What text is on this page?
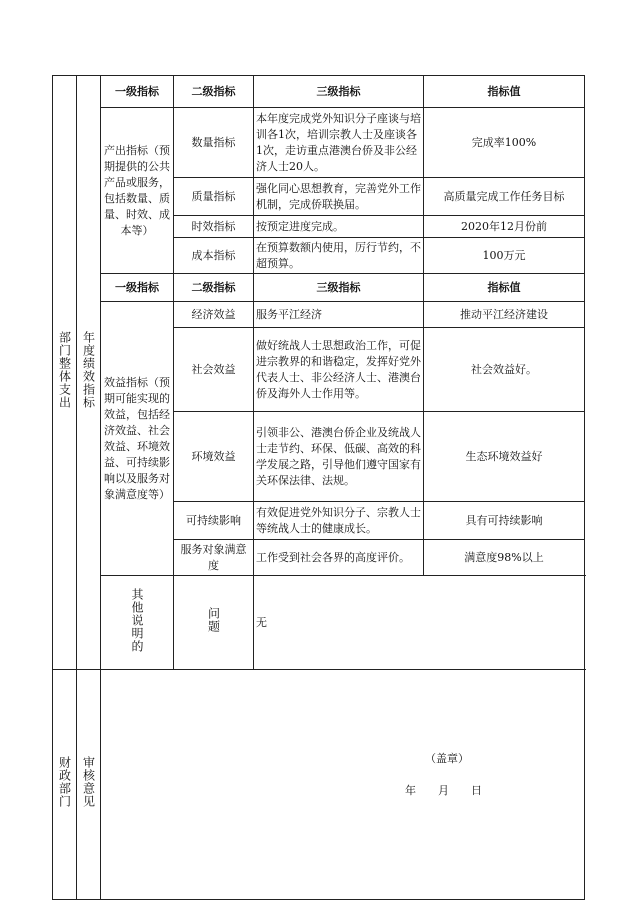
部门整体支出	年度绩效指标	一级指标	二级指标	三级指标	指标值
		产出指标（预期提供的公共产品或服务，包括数量、质量、时效、成本等）	数量指标	本年度完成党外知识分子座谈与培训各1次，培训宗教人士及座谈各1次，走访重点港澳台侨及非公经济人士20人。	完成率100%
			质量指标	强化同心思想教育，完善党外工作机制，完成侨联换届。	高质量完成工作任务目标
			时效指标	按预定进度完成。	2020年12月份前
			成本指标	在预算数额内使用，厉行节约，不超预算。	100万元
		一级指标	二级指标	三级指标	指标值
		效益指标（预期可能实现的效益，包括经济效益、社会效益、环境效益、可持续影响以及服务对象满意度等）	经济效益	服务平江经济	推动平江经济建设
			社会效益	做好统战人士思想政治工作，可促进宗教界的和谐稳定，发挥好党外代表人士、非公经济人士、港澳台侨及海外人士作用等。	社会效益好。
			环境效益	引领非公、港澳台侨企业及统战人士走节约、环保、低碳、高效的科学发展之路，引导他们遵守国家有关环保法律、法规。	生态环境效益好
			可持续影响	有效促进党外知识分子、宗教人士等统战人士的健康成长。	具有可持续影响
			服务对象满意度	工作受到社会各界的高度评价。	满意度98%以上
		其他说明的	问题	无	
财政部门	审核意见					（盖章）
年　　月　　日
